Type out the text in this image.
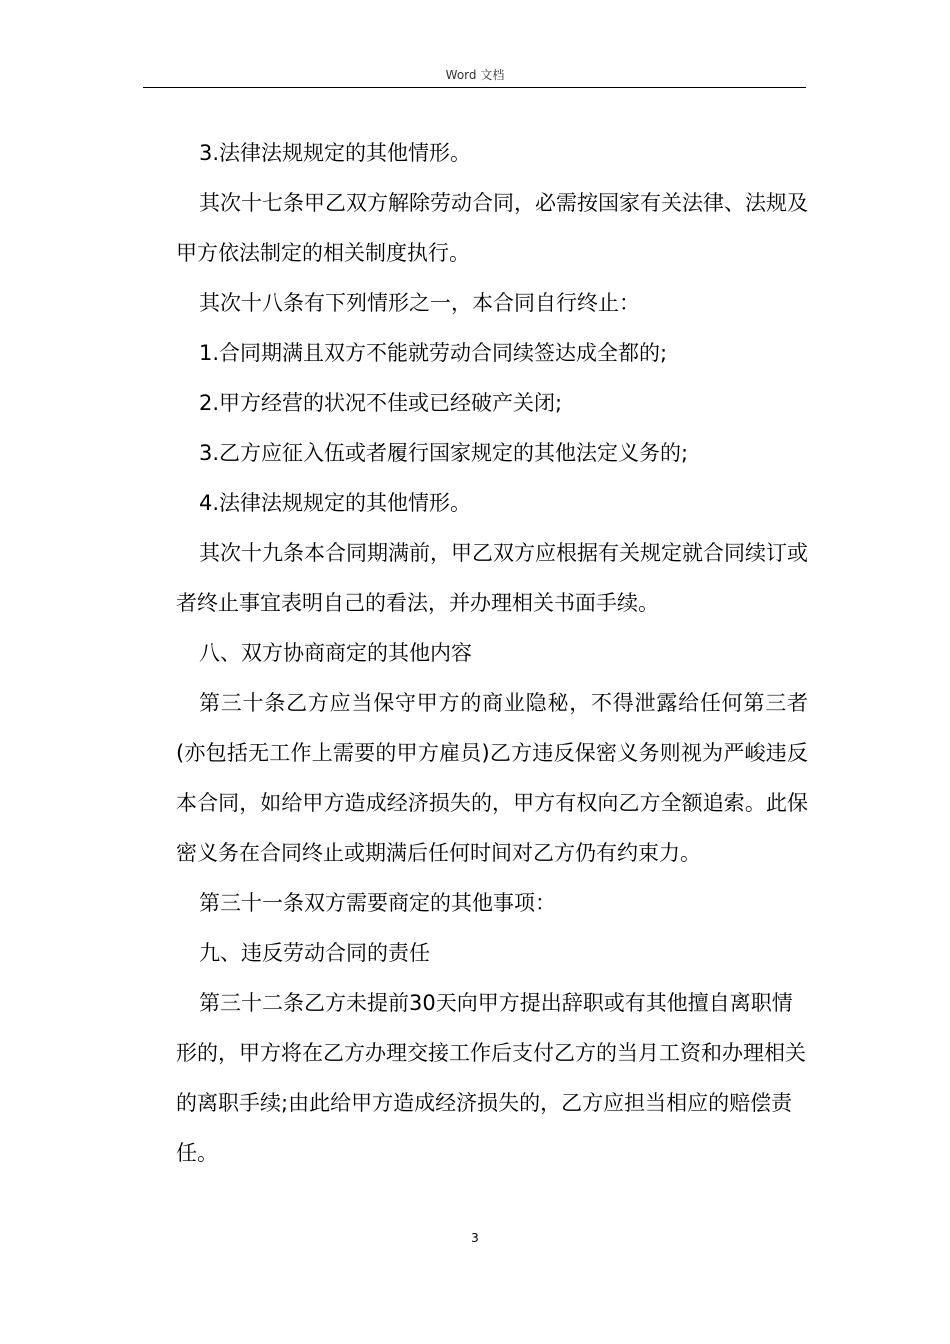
Word 文档

3.法律法规规定的其他情形。

其次十七条甲乙双方解除劳动合同，必需按国家有关法律、法规及甲方依法制定的相关制度执行。

其次十八条有下列情形之一，本合同自行终止：

1.合同期满且双方不能就劳动合同续签达成全都的;

2.甲方经营的状况不佳或已经破产关闭;

3.乙方应征入伍或者履行国家规定的其他法定义务的;

4.法律法规规定的其他情形。

其次十九条本合同期满前，甲乙双方应根据有关规定就合同续订或者终止事宜表明自己的看法，并办理相关书面手续。

八、双方协商商定的其他内容

第三十条乙方应当保守甲方的商业隐秘，不得泄露给任何第三者(亦包括无工作上需要的甲方雇员)乙方违反保密义务则视为严峻违反本合同，如给甲方造成经济损失的，甲方有权向乙方全额追索。此保密义务在合同终止或期满后任何时间对乙方仍有约束力。

第三十一条双方需要商定的其他事项：

九、违反劳动合同的责任

第三十二条乙方未提前30天向甲方提出辞职或有其他擅自离职情形的，甲方将在乙方办理交接工作后支付乙方的当月工资和办理相关的离职手续;由此给甲方造成经济损失的，乙方应担当相应的赔偿责任。

3
